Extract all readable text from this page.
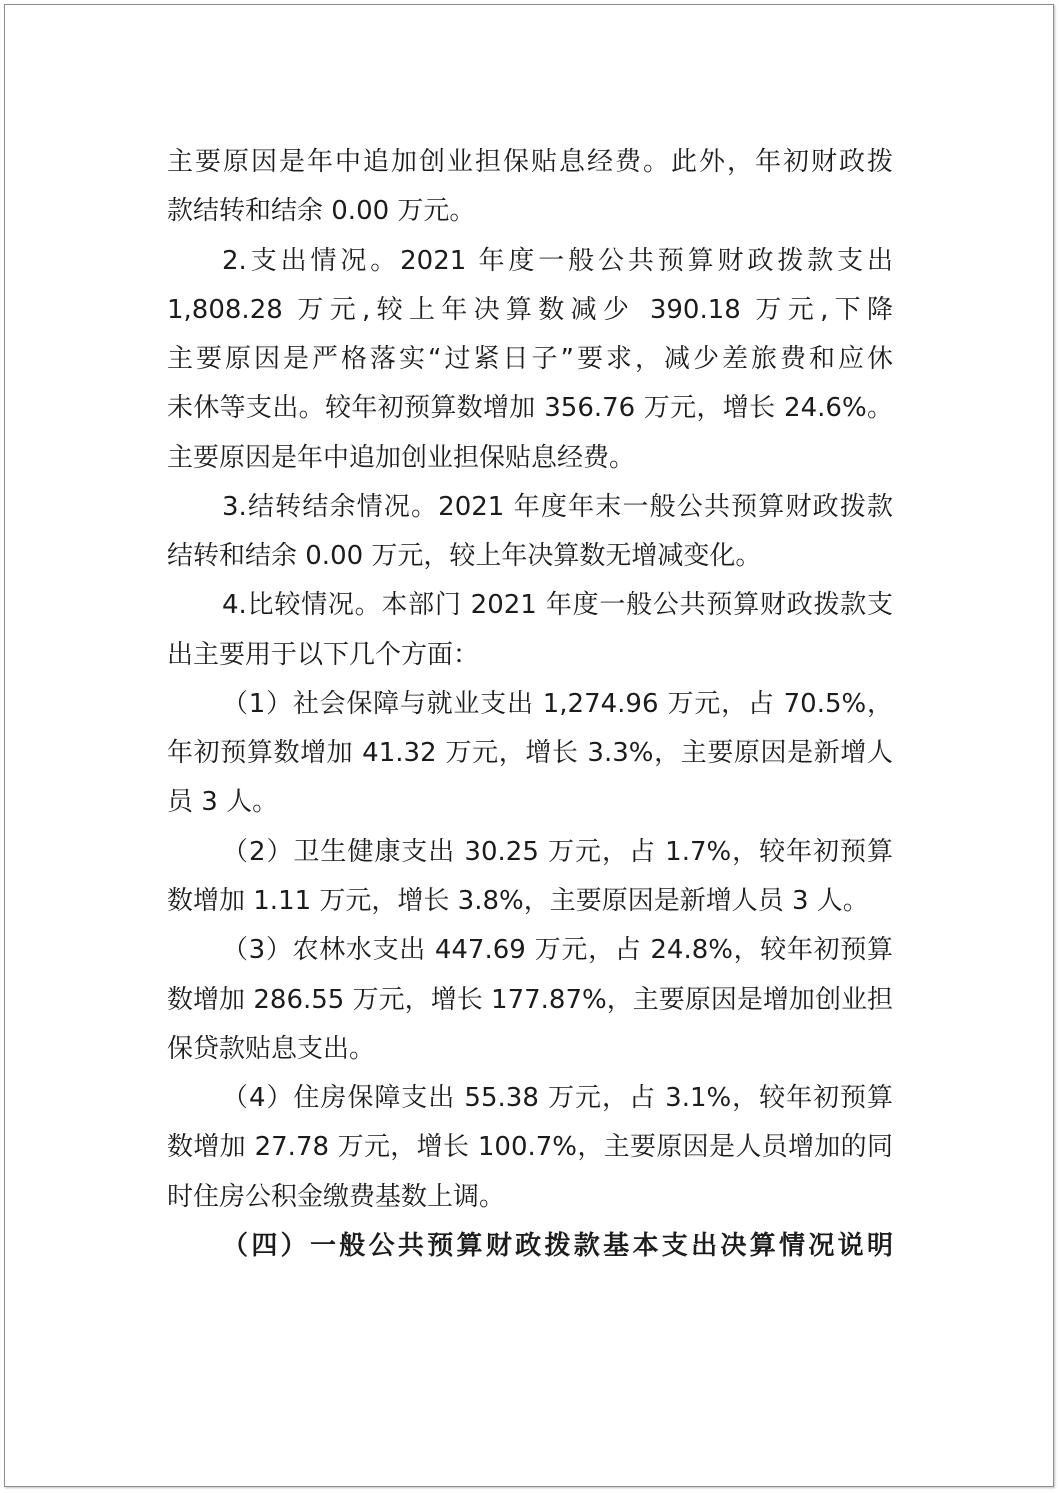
主要原因是年中追加创业担保贴息经费。此外，年初财政拨
款结转和结余 0.00 万元。
2.支出情况。2021 年度一般公共预算财政拨款支出
1,808.28 万元,较上年决算数减少 390.18 万元,下降
主要原因是严格落实“过紧日子”要求，减少差旅费和应休
未休等支出。较年初预算数增加 356.76 万元，增长 24.6%。
主要原因是年中追加创业担保贴息经费。
3.结转结余情况。2021 年度年末一般公共预算财政拨款
结转和结余 0.00 万元，较上年决算数无增减变化。
4.比较情况。本部门 2021 年度一般公共预算财政拨款支
出主要用于以下几个方面：
（1）社会保障与就业支出 1,274.96 万元，占 70.5%，
年初预算数增加 41.32 万元，增长 3.3%，主要原因是新增人
员 3 人。
（2）卫生健康支出 30.25 万元，占 1.7%，较年初预算
数增加 1.11 万元，增长 3.8%，主要原因是新增人员 3 人。
（3）农林水支出 447.69 万元，占 24.8%，较年初预算
数增加 286.55 万元，增长 177.87%，主要原因是增加创业担
保贷款贴息支出。
（4）住房保障支出 55.38 万元，占 3.1%，较年初预算
数增加 27.78 万元，增长 100.7%，主要原因是人员增加的同
时住房公积金缴费基数上调。
（四）一般公共预算财政拨款基本支出决算情况说明
